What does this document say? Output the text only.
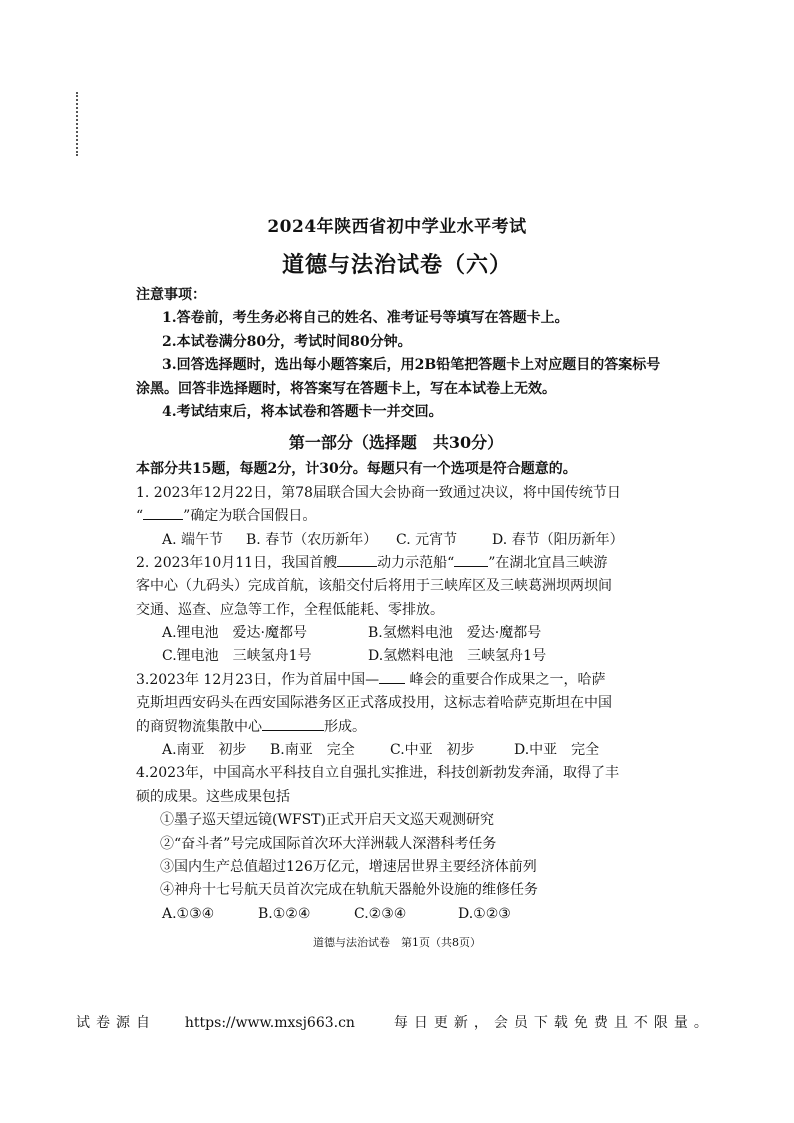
2024年陕西省初中学业水平考试
道德与法治试卷（六）
注意事项：
1.答卷前，考生务必将自己的姓名、准考证号等填写在答题卡上。
2.本试卷满分80分，考试时间80分钟。
3.回答选择题时，选出每小题答案后，用2B铅笔把答题卡上对应题目的答案标号
涂黑。回答非选择题时，将答案写在答题卡上，写在本试卷上无效。
4.考试结束后，将本试卷和答题卡一并交回。
第一部分（选择题　共30分）
本部分共15题，每题2分，计30分。每题只有一个选项是符合题意的。
1. 2023年12月22日，第78届联合国大会协商一致通过决议，将中国传统节日
“	”确定为联合国假日。
A. 端午节	B. 春节（农历新年）	C. 元宵节	D. 春节（阳历新年）
2. 2023年10月11日，我国首艘	动力示范船“ ”在湖北宜昌三峡游
客中心（九码头）完成首航，该船交付后将用于三峡库区及三峡葛洲坝两坝间
交通、巡查、应急等工作，全程低能耗、零排放。
A.锂电池　爱达·魔都号	B.氢燃料电池　爱达·魔都号
C.锂电池　三峡氢舟1号	D.氢燃料电池　三峡氢舟1号
3.2023年 12月23日，作为首届中国— 峰会的重要合作成果之一，哈萨
克斯坦西安码头在西安国际港务区正式落成投用，这标志着哈萨克斯坦在中国
的商贸物流集散中心	形成。
A.南亚　初步	B.南亚　完全	C.中亚　初步	D.中亚　完全
4.2023年，中国高水平科技自立自强扎实推进，科技创新勃发奔涌，取得了丰
硕的成果。这些成果包括
①墨子巡天望远镜(WFST)正式开启天文巡天观测研究
②“奋斗者”号完成国际首次环大洋洲载人深潜科考任务
③国内生产总值超过126万亿元，增速居世界主要经济体前列
④神舟十七号航天员首次完成在轨航天器舱外设施的维修任务
A.①③④	B.①②④	C.②③④	D.①②③
道德与法治试卷　第1页（共8页）
试卷源自 https://www.mxsj663.cn	每日更新，会员下载免费且不限量。
